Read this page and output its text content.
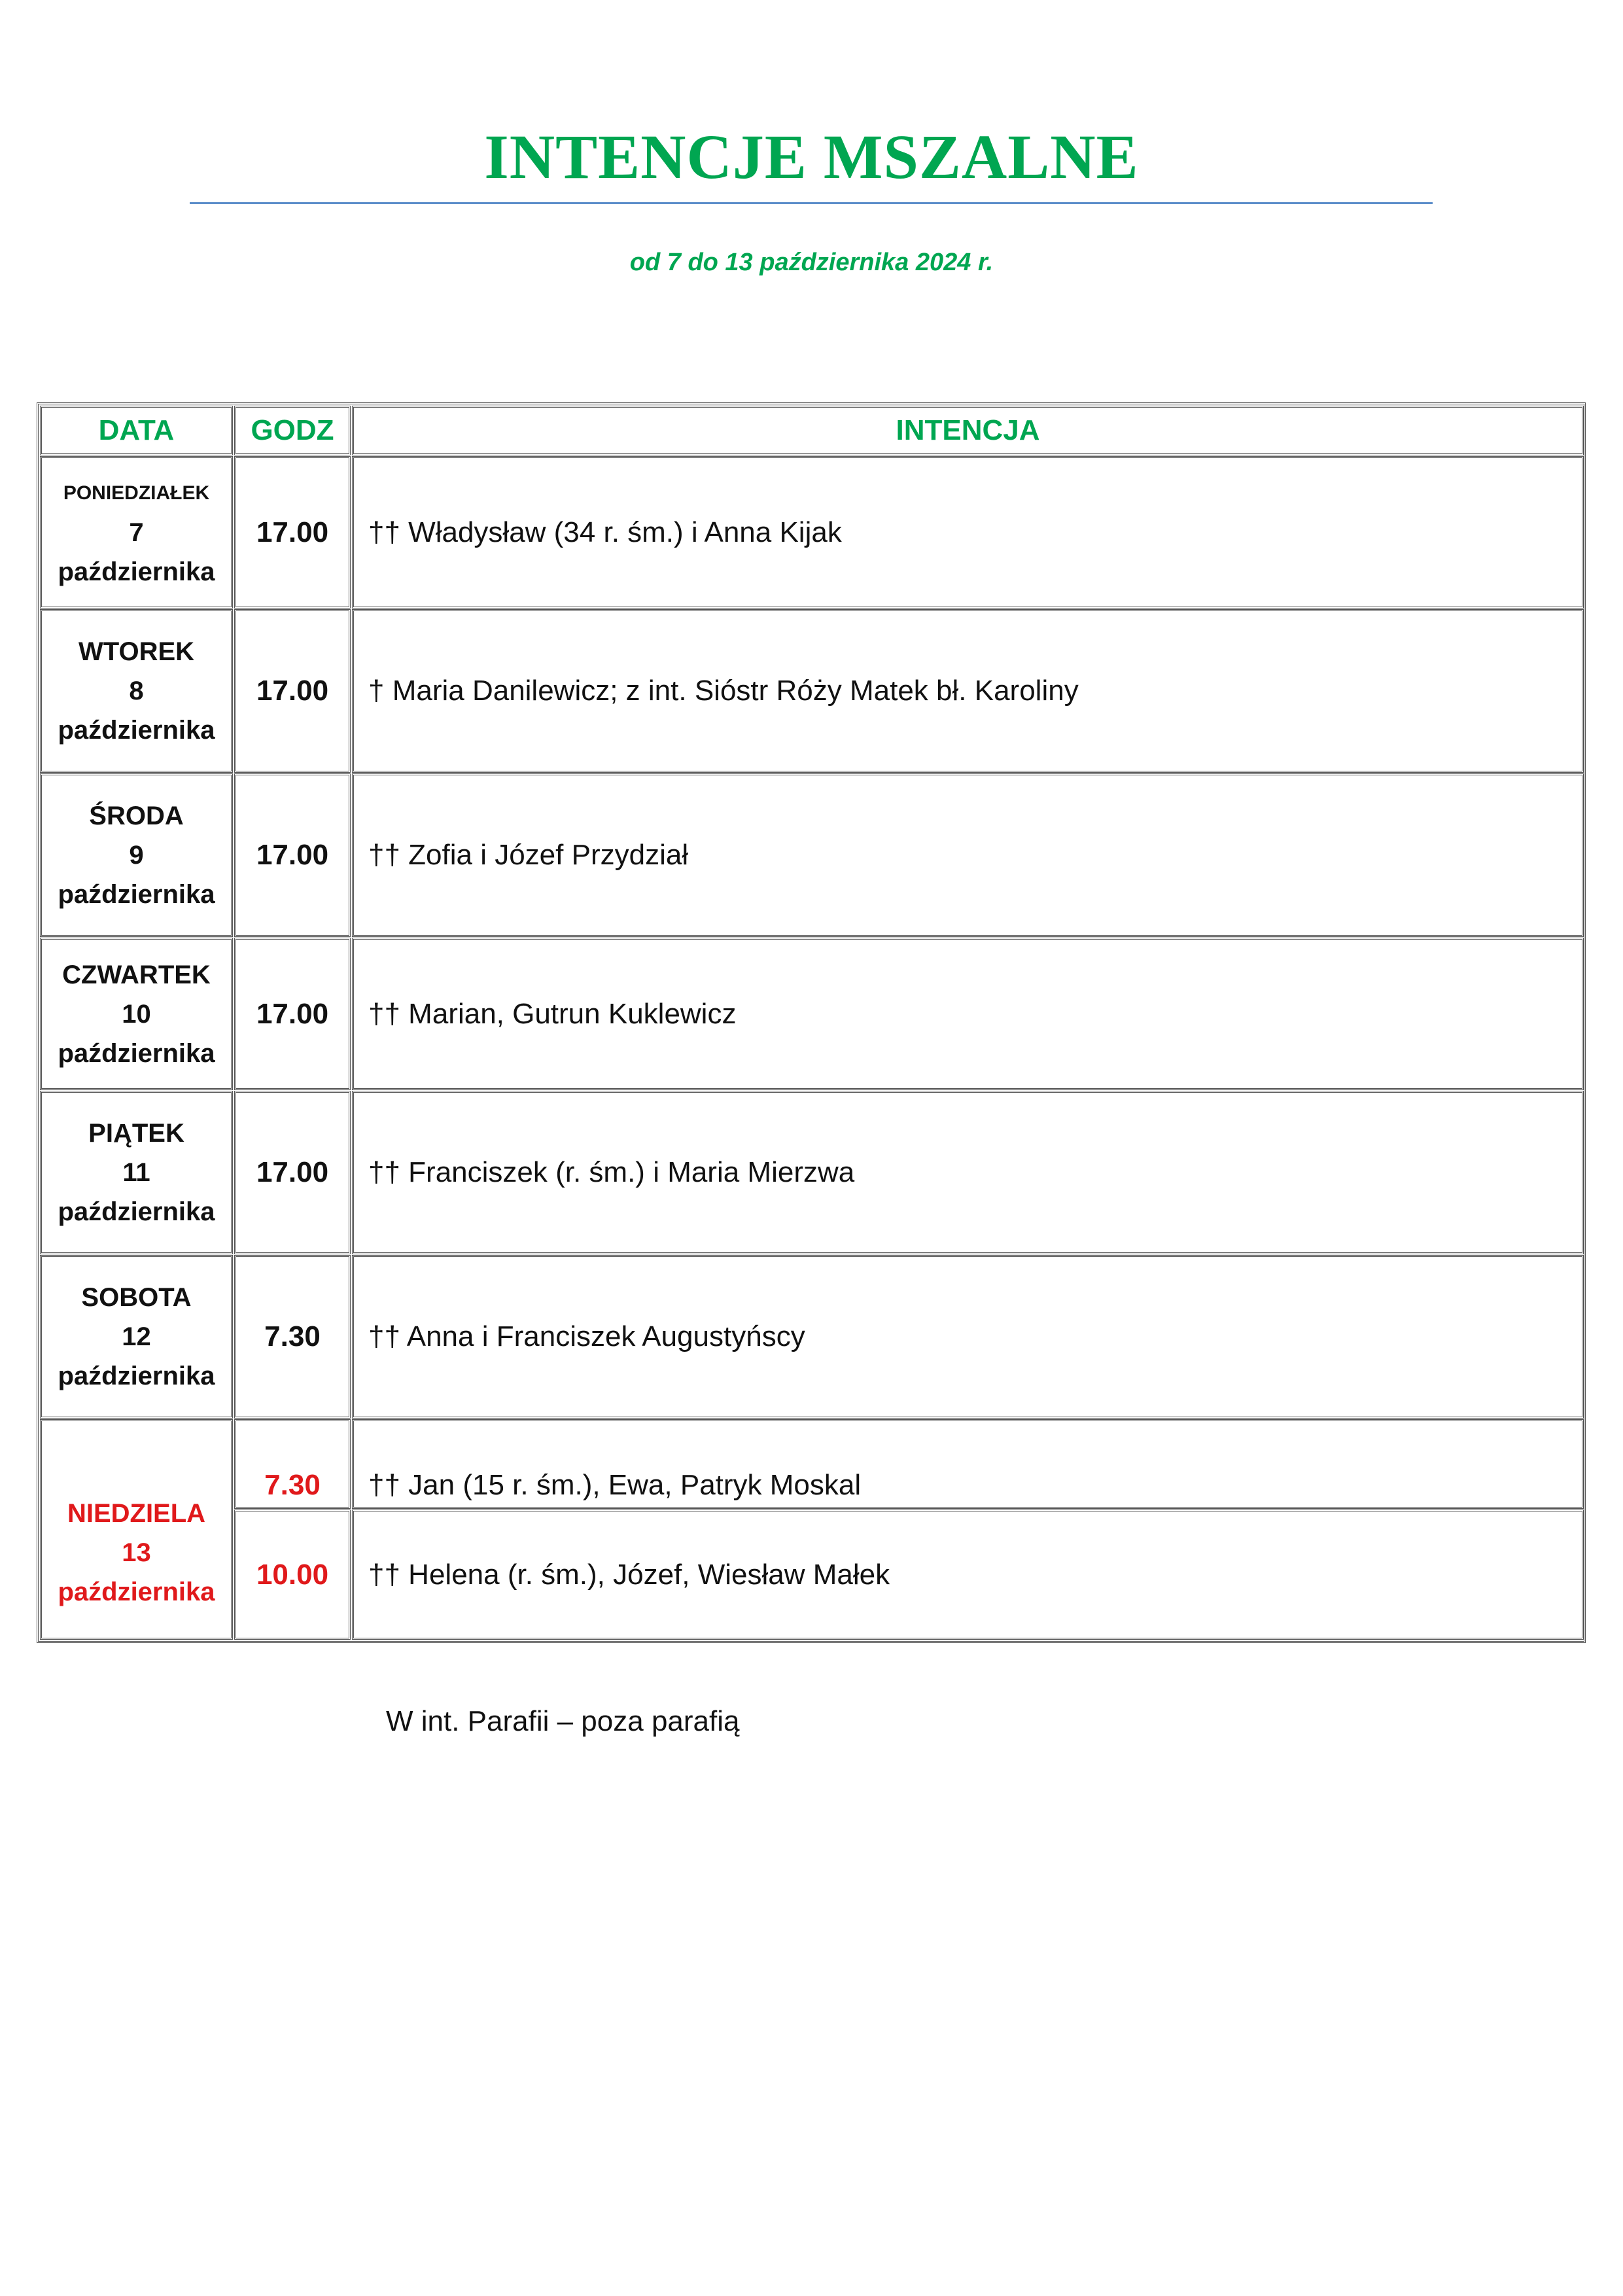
INTENCJE MSZALNE
od 7 do 13 października 2024 r.
DATA	GODZ	INTENCJA
PONIEDZIAŁEK
7
października
17.00 †† Władysław (34 r. śm.) i Anna Kijak
WTOREK
8
października
17.00 † Maria Danilewicz; z int. Sióstr Róży Matek bł. Karoliny
ŚRODA
9
października
17.00 †† Zofia i Józef Przydział
CZWARTEK
10
października
17.00 †† Marian, Gutrun Kuklewicz
PIĄTEK
11
października
17.00 †† Franciszek (r. śm.) i Maria Mierzwa
SOBOTA
12
października
7.30 †† Anna i Franciszek Augustyńscy
NIEDZIELA
13
października
7.30 †† Jan (15 r. śm.), Ewa, Patryk Moskal
10.00 †† Helena (r. śm.), Józef, Wiesław Małek
W int. Parafii – poza parafią
